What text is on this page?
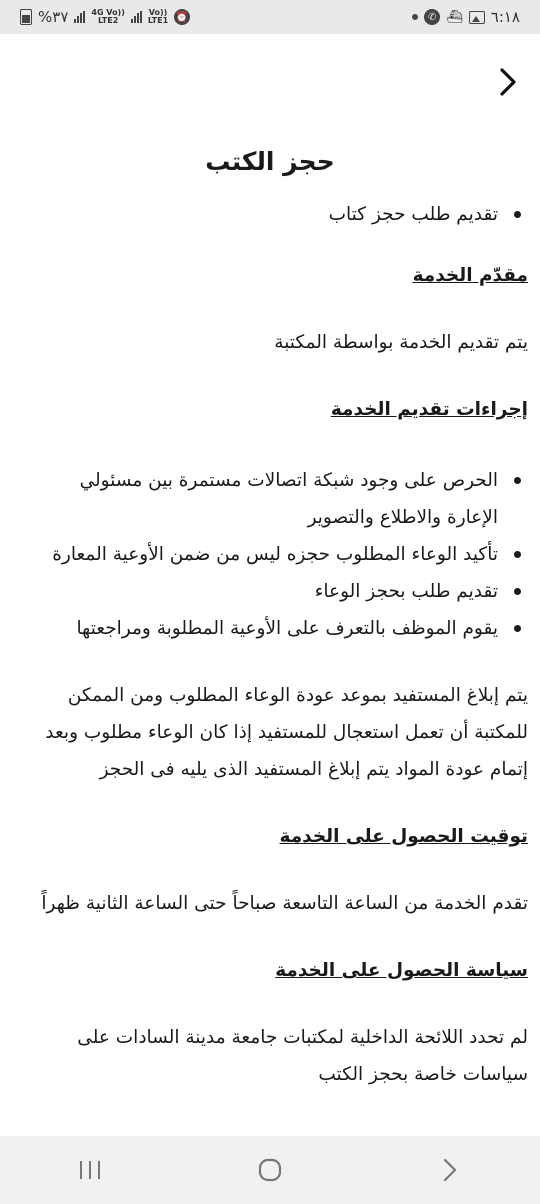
%٣٧	4G Vo))
LTE2
Vo))
LTE1 ⏰	✆ ⛴ ٦:١٨
حجز الكتب
تقديم طلب حجز كتاب

مقدّم الخدمة

يتم تقديم الخدمة بواسطة المكتبة

إجراءات تقديم الخدمة

الحرص على وجود شبكة اتصالات مستمرة بين مسئولي الإعارة والاطلاع والتصوير
تأكيد الوعاء المطلوب حجزه ليس من ضمن الأوعية المعارة
تقديم طلب بحجز الوعاء
يقوم الموظف بالتعرف على الأوعية المطلوبة ومراجعتها

يتم إبلاغ المستفيد بموعد عودة الوعاء المطلوب ومن الممكن للمكتبة أن تعمل استعجال للمستفيد إذا كان الوعاء مطلوب وبعد إتمام عودة المواد يتم إبلاغ المستفيد الذى يليه فى الحجز

توقيت الحصول على الخدمة

تقدم الخدمة من الساعة التاسعة صباحاً حتى الساعة الثانية ظهراً

سياسة الحصول على الخدمة

لم تحدد اللائحة الداخلية لمكتبات جامعة مدينة السادات على سياسات خاصة بحجز الكتب
